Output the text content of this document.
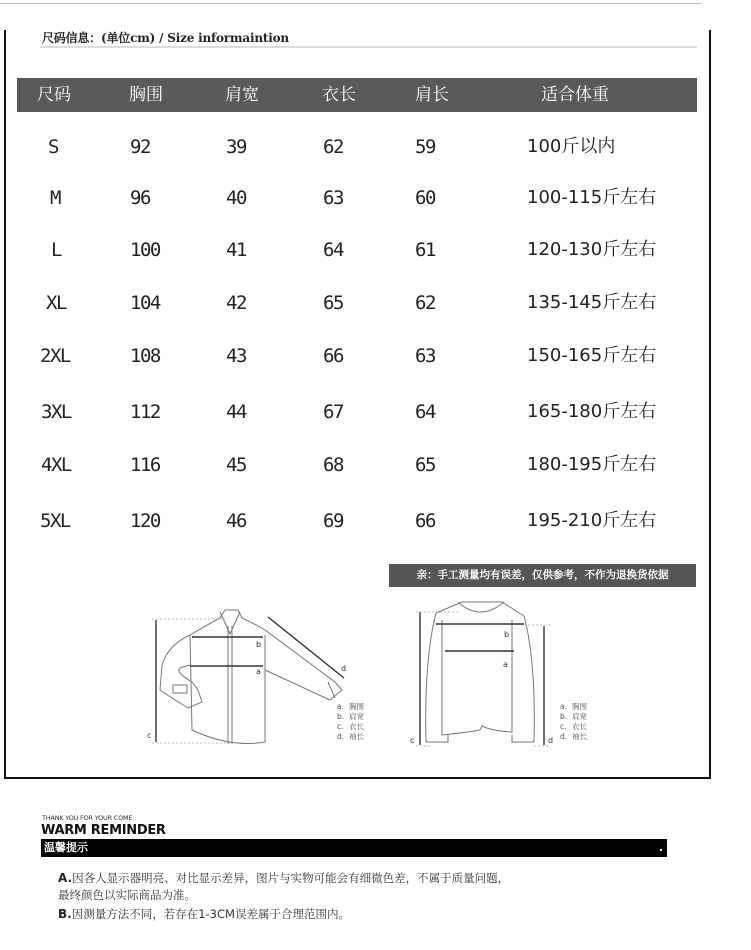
尺码信息：(单位cm) / Size informaintion
尺码	胸围	肩宽	衣长	肩长	适合体重
S	92	39	62	59	100斤以内
M	96	40	63	60	100-115斤左右
L	100	41	64	61	120-130斤左右
XL	104	42	65	62	135-145斤左右
2XL	108	43	66	63	150-165斤左右
3XL	112	44	67	64	165-180斤左右
4XL	116	45	68	65	180-195斤左右
5XL	120	46	69	66	195-210斤左右
亲：手工测量均有误差，仅供参考，不作为退换货依据
b
a
c
d
a. 胸围
b. 肩宽
c. 衣长
d. 袖长
b
a
c	d
a. 胸围
b. 肩宽
c. 衣长
d. 袖长
THANK YOU FOR YOUR COME
WARM REMINDER
温馨提示	.
A.因各人显示器明亮、对比显示差异，图片与实物可能会有细微色差，不属于质量问题，
最终颜色以实际商品为准。
B.因测量方法不同，若存在1-3CM误差属于合理范围内。
